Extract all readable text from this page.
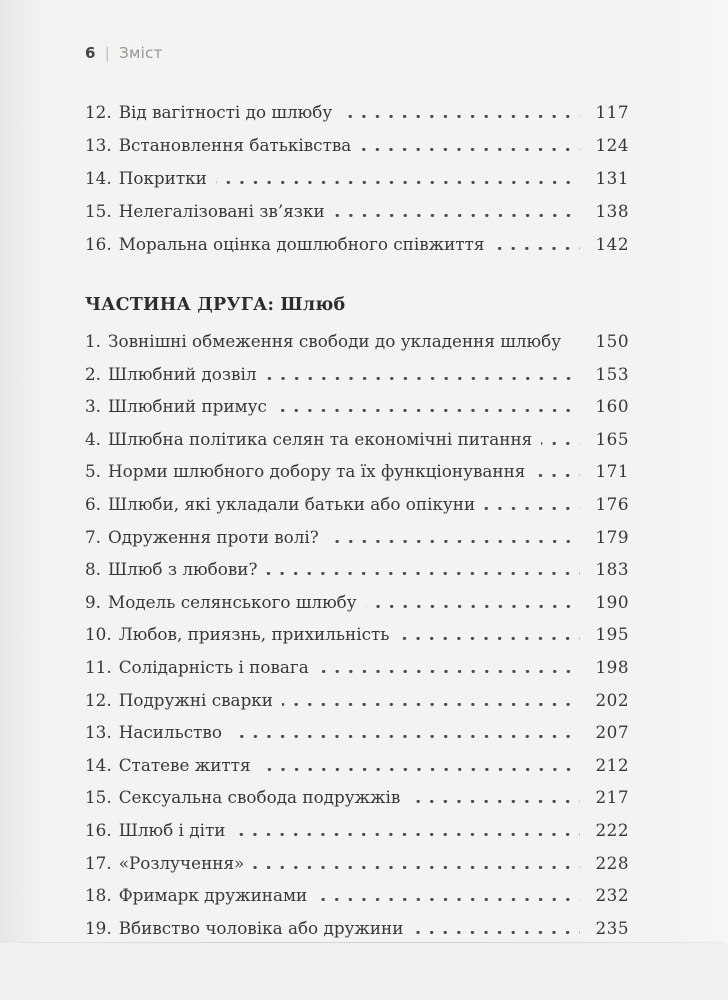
6 | Зміст
12. Від вагітності до шлюбу	117
13. Встановлення батьківства	124
14. Покритки	131
15. Нелегалізовані зв’язки	138
16. Моральна оцінка дошлюбного співжиття	142
ЧАСТИНА ДРУГА: Шлюб
1. Зовнішні обмеження свободи до укладення шлюбу	150
2. Шлюбний дозвіл	153
3. Шлюбний примус	160
4. Шлюбна політика селян та економічні питання	165
5. Норми шлюбного добору та їх функціонування	171
6. Шлюби, які укладали батьки або опікуни	176
7. Одруження проти волі?	179
8. Шлюб з любови?	183
9. Модель селянського шлюбу	190
10. Любов, приязнь, прихильність	195
11. Солідарність і повага	198
12. Подружні сварки	202
13. Насильство	207
14. Статеве життя	212
15. Сексуальна свобода подружжів	217
16. Шлюб і діти	222
17. «Розлучення»	228
18. Фримарк дружинами	232
19. Вбивство чоловіка або дружини	235
